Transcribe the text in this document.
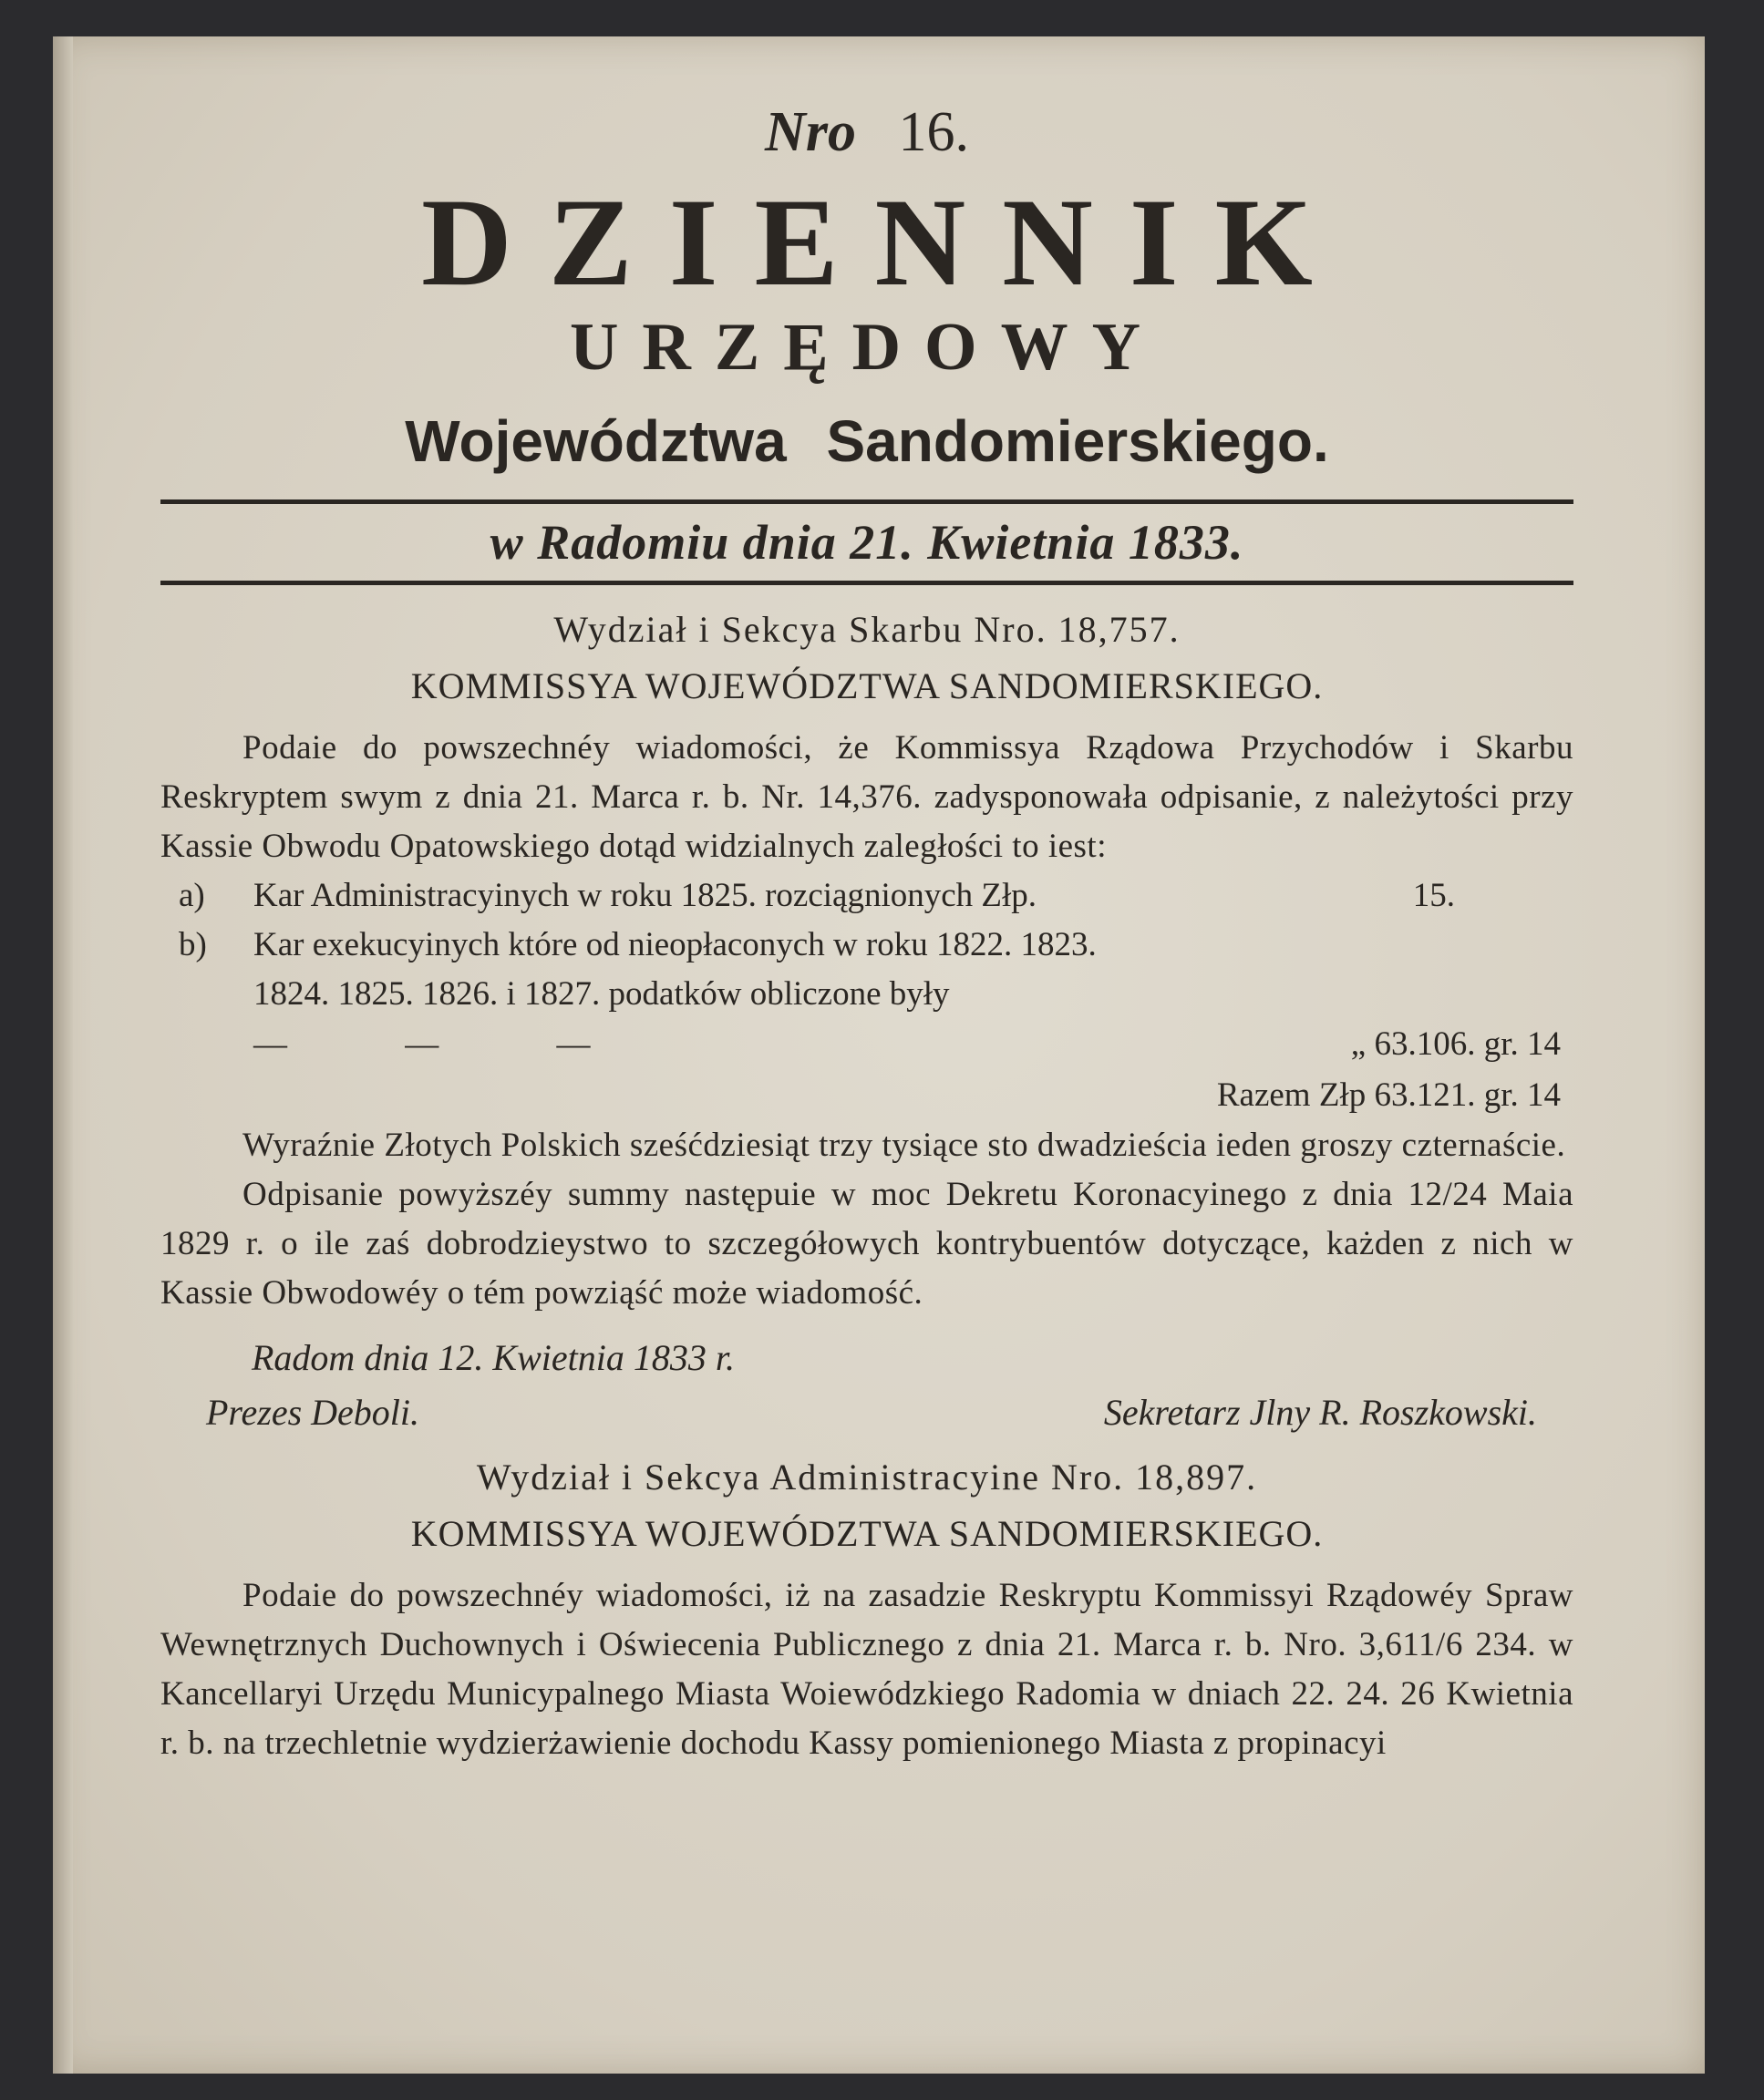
Nro 16.
DZIENNIK
URZĘDOWY
Województwa Sandomierskiego.
w Radomiu dnia 21. Kwietnia 1833.
Wydział i Sekcya Skarbu Nro. 18,757.
KOMMISSYA WOJEWÓDZTWA SANDOMIERSKIEGO.

Podaie do powszechnéy wiadomości, że Kommissya Rządowa Przychodów i Skarbu Reskryptem swym z dnia 21. Marca r. b. Nr. 14,376. zadysponowała odpisanie, z należytości przy Kassie Obwodu Opatowskiego dotąd widzialnych zaległości to iest:

a)	Kar Administracyinych w roku 1825. rozciągnionych Złp.	15.
b)	Kar exekucyinych które od nieopłaconych w roku 1822. 1823. 1824. 1825. 1826. i 1827. podatków obliczone były
— — —	„ 63.106. gr. 14
Razem Złp 63.121. gr. 14

Wyraźnie Złotych Polskich sześćdziesiąt trzy tysiące sto dwadzieścia ieden groszy czternaście.

Odpisanie powyższéy summy następuie w moc Dekretu Koronacyinego z dnia 12/24 Maia 1829 r. o ile zaś dobrodzieystwo to szczegółowych kontrybuentów dotyczące, każden z nich w Kassie Obwodowéy o tém powziąść może wiadomość.

Radom dnia 12. Kwietnia 1833 r.
Prezes Deboli.	Sekretarz Jlny R. Roszkowski.
Wydział i Sekcya Administracyine Nro. 18,897.
KOMMISSYA WOJEWÓDZTWA SANDOMIERSKIEGO.

Podaie do powszechnéy wiadomości, iż na zasadzie Reskryptu Kommissyi Rządowéy Spraw Wewnętrznych Duchownych i Oświecenia Publicznego z dnia 21. Marca r. b. Nro. 3,611/6 234. w Kancellaryi Urzędu Municypalnego Miasta Woiewódzkiego Radomia w dniach 22. 24. 26 Kwietnia r. b. na trzechletnie wydzierżawienie dochodu Kassy pomienionego Miasta z propinacyi
